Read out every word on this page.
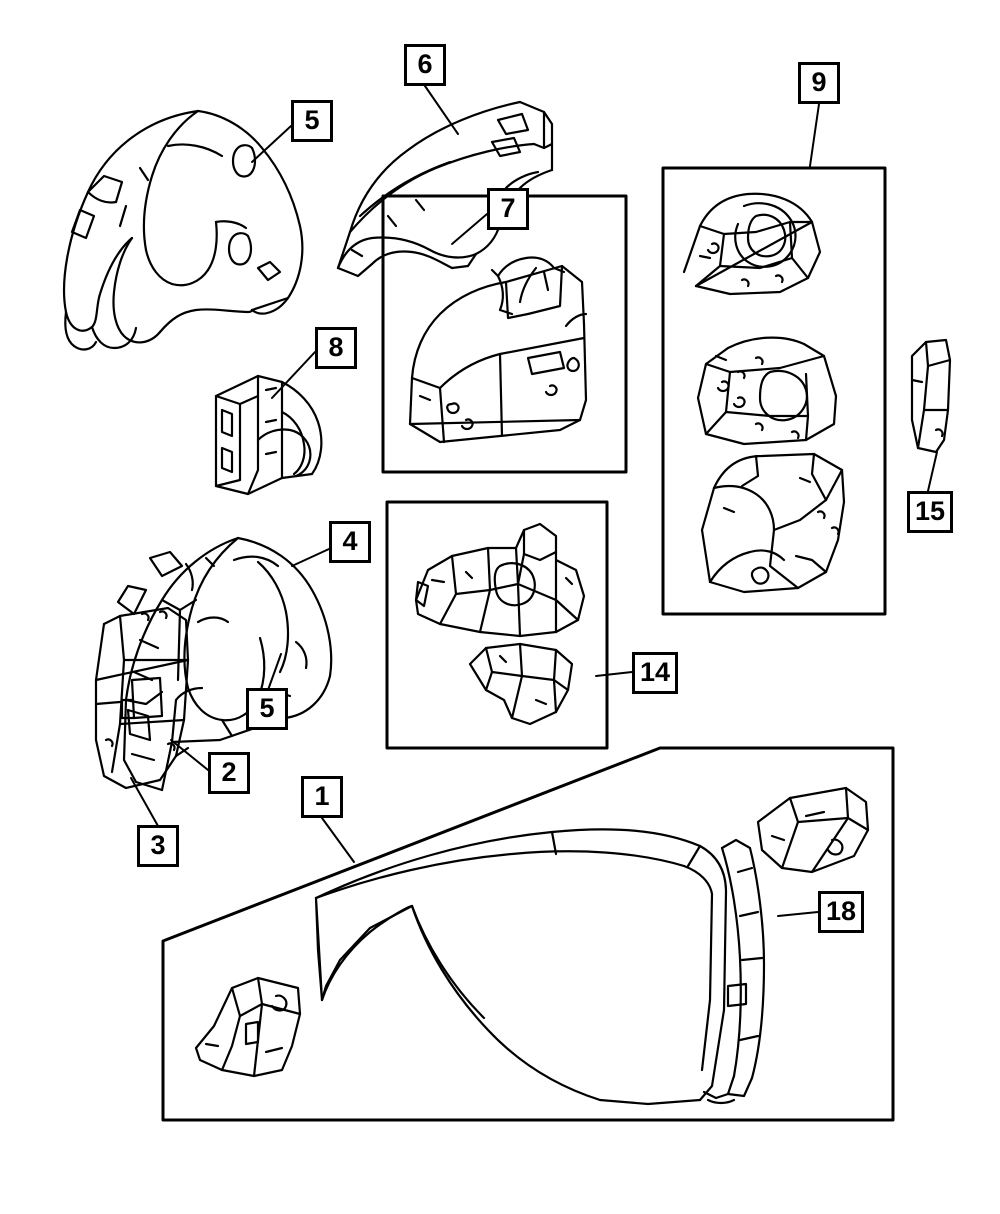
6
9
5
7
8
15
4
14
5
2
1
3
18
